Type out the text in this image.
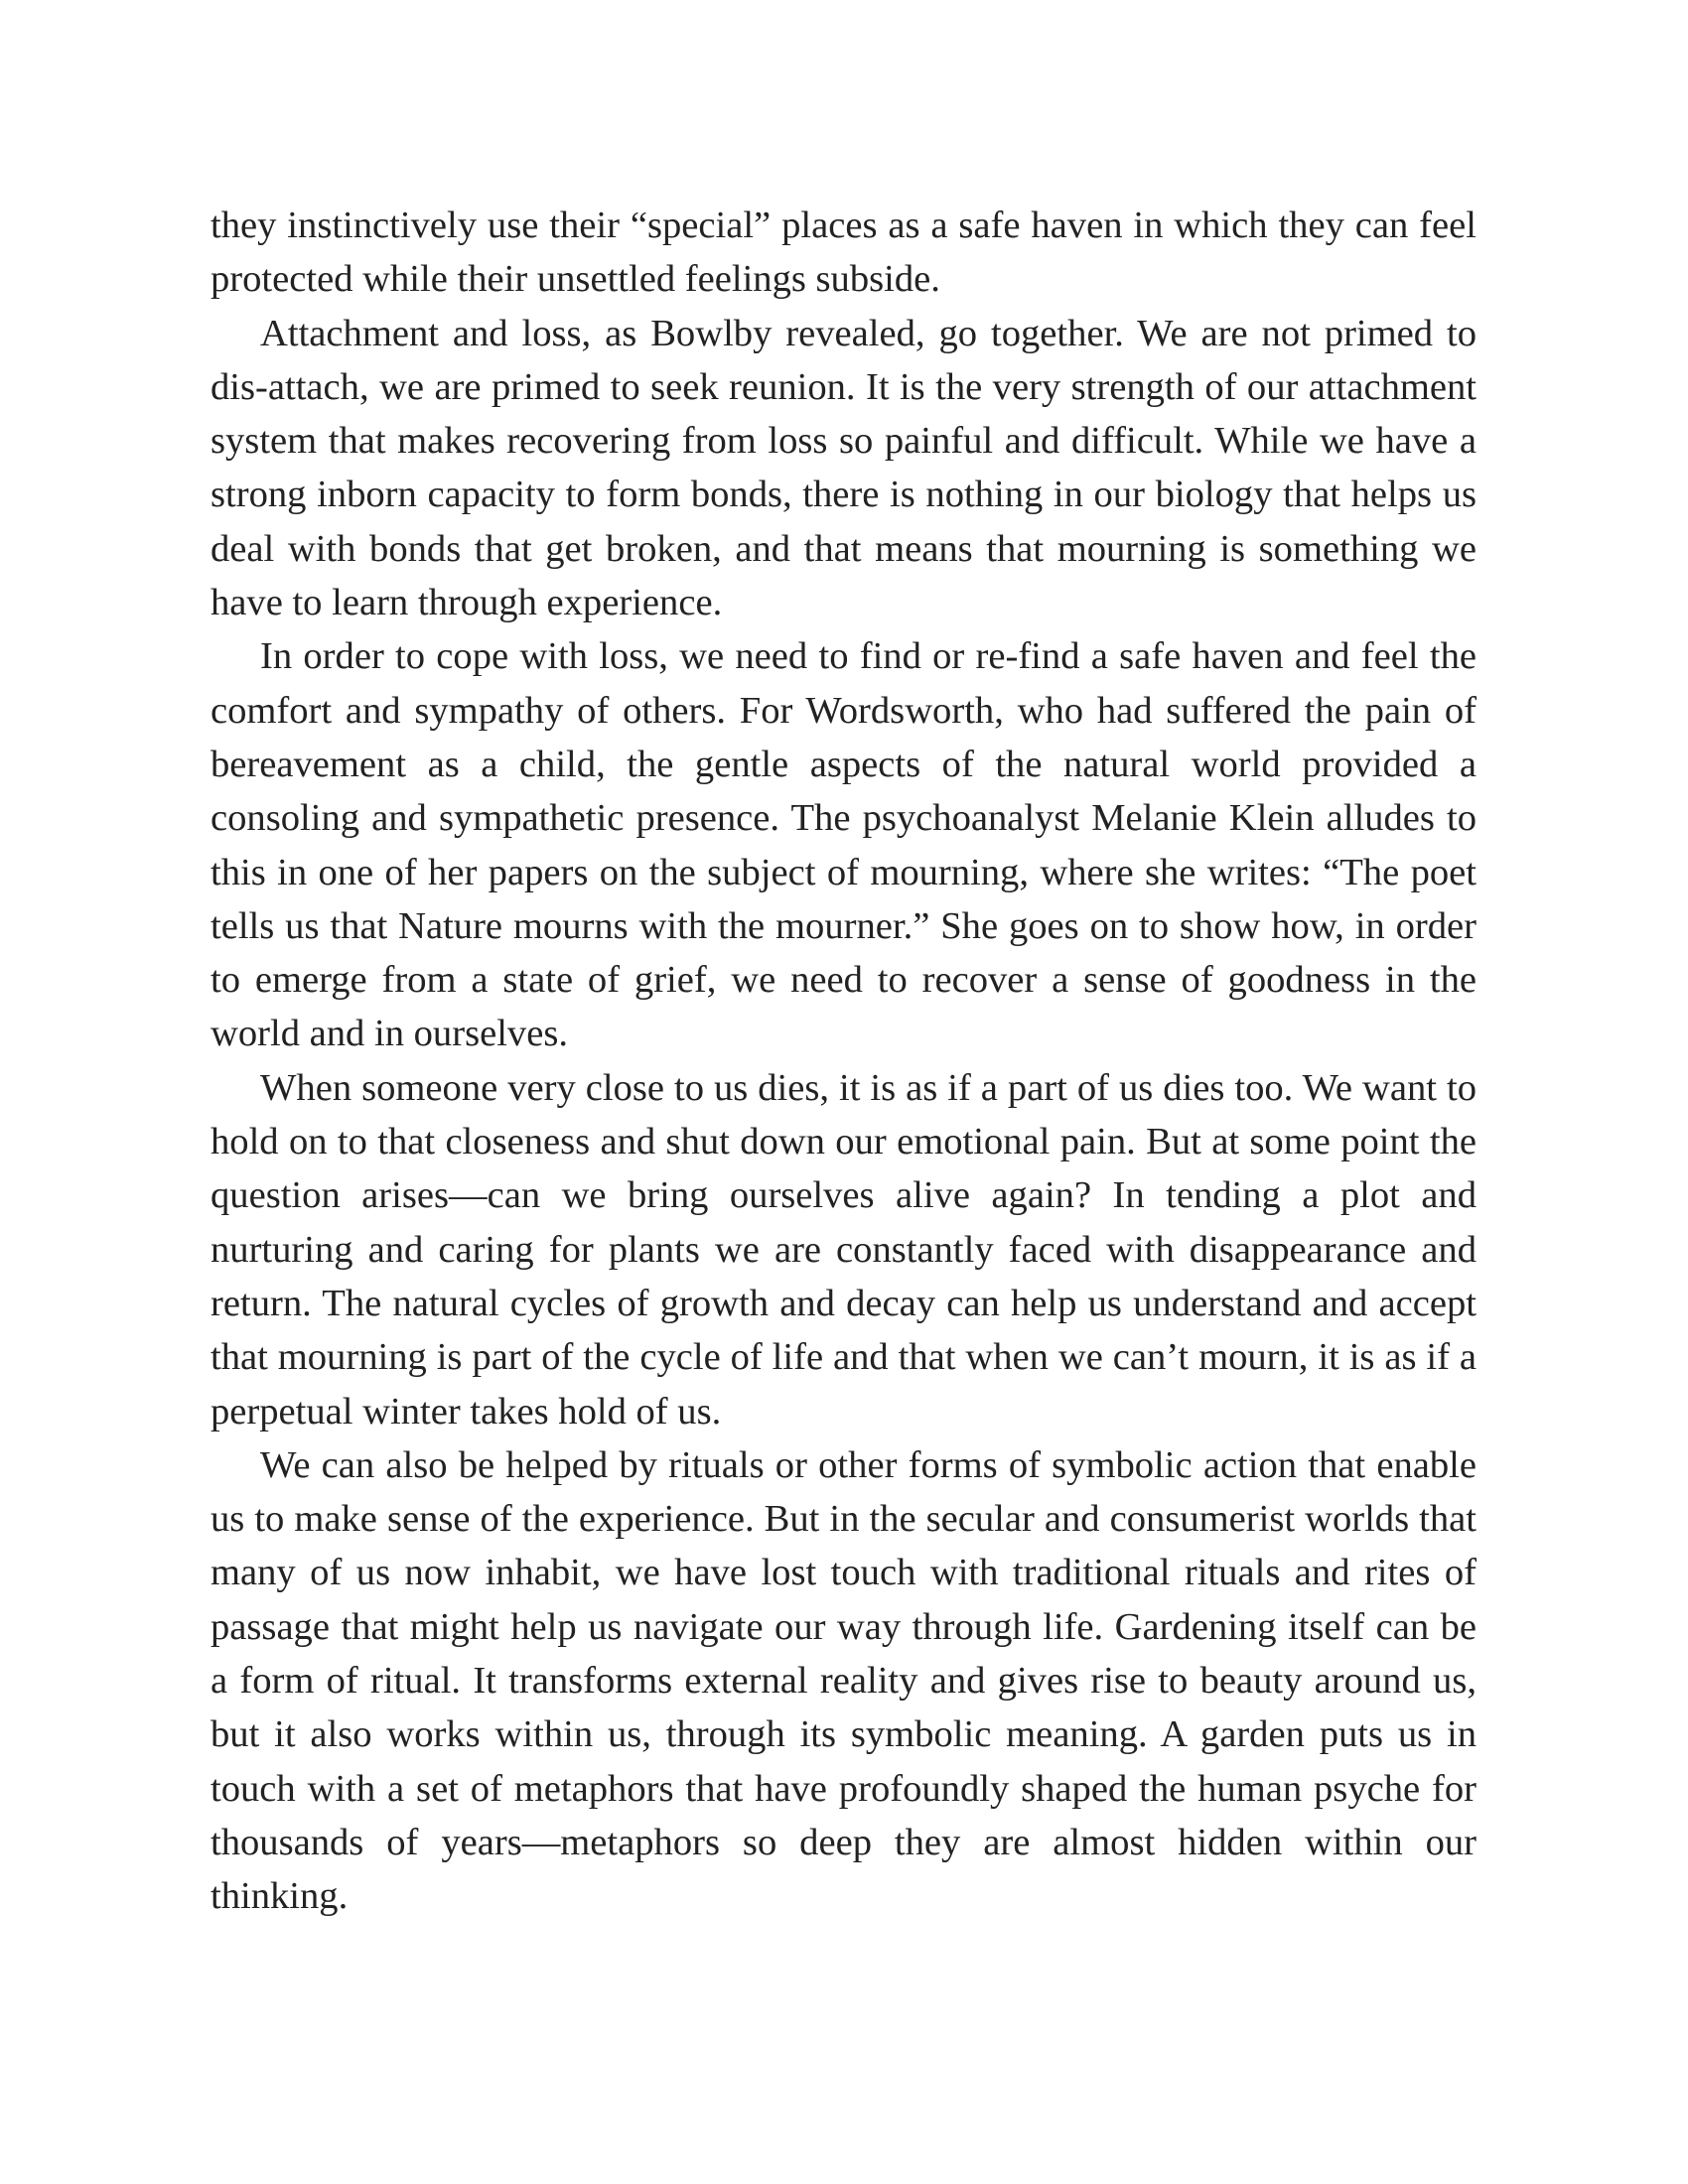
they instinctively use their “special” places as a safe haven in which they can feel protected while their unsettled feelings subside.

Attachment and loss, as Bowlby revealed, go together. We are not primed to dis-attach, we are primed to seek reunion. It is the very strength of our attachment system that makes recovering from loss so painful and difficult. While we have a strong inborn capacity to form bonds, there is nothing in our biology that helps us deal with bonds that get broken, and that means that mourning is something we have to learn through experience.

In order to cope with loss, we need to find or re-find a safe haven and feel the comfort and sympathy of others. For Wordsworth, who had suffered the pain of bereavement as a child, the gentle aspects of the natural world provided a consoling and sympathetic presence. The psychoanalyst Melanie Klein alludes to this in one of her papers on the subject of mourning, where she writes: “The poet tells us that Nature mourns with the mourner.” She goes on to show how, in order to emerge from a state of grief, we need to recover a sense of goodness in the world and in ourselves.

When someone very close to us dies, it is as if a part of us dies too. We want to hold on to that closeness and shut down our emotional pain. But at some point the question arises—can we bring ourselves alive again? In tending a plot and nurturing and caring for plants we are constantly faced with disappearance and return. The natural cycles of growth and decay can help us understand and accept that mourning is part of the cycle of life and that when we can’t mourn, it is as if a perpetual winter takes hold of us.

We can also be helped by rituals or other forms of symbolic action that enable us to make sense of the experience. But in the secular and consumerist worlds that many of us now inhabit, we have lost touch with traditional rituals and rites of passage that might help us navigate our way through life. Gardening itself can be a form of ritual. It transforms external reality and gives rise to beauty around us, but it also works within us, through its symbolic meaning. A garden puts us in touch with a set of metaphors that have profoundly shaped the human psyche for thousands of years—metaphors so deep they are almost hidden within our thinking.
